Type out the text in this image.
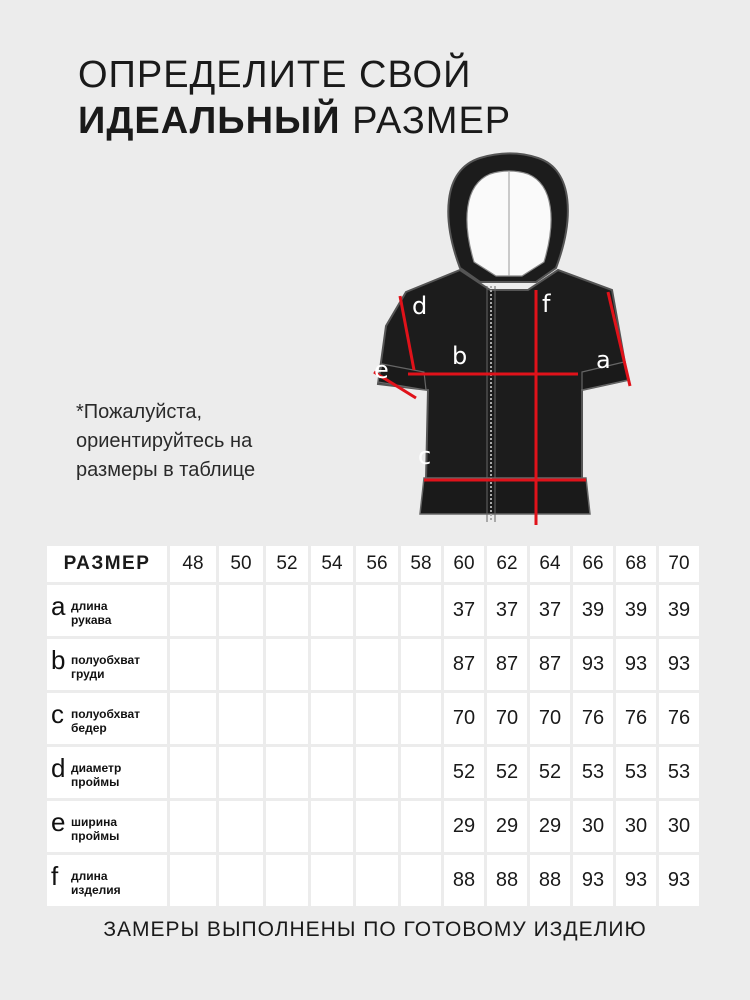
ОПРЕДЕЛИТЕ СВОЙ
ИДЕАЛЬНЫЙ РАЗМЕР
a
b
c
d
e
f
*Пожалуйста, ориентируйтесь на размеры в таблице
РАЗМЕР	48	50	52	54	56	58	60	62	64	66	68	70

a длина
рукава							37	37	37	39	39	39

b полуобхват
груди							87	87	87	93	93	93

c полуобхват
бедер							70	70	70	76	76	76

d диаметр
проймы							52	52	52	53	53	53

e ширина
проймы							29	29	29	30	30	30

f длина
изделия							88	88	88	93	93	93
ЗАМЕРЫ ВЫПОЛНЕНЫ ПО ГОТОВОМУ ИЗДЕЛИЮ
